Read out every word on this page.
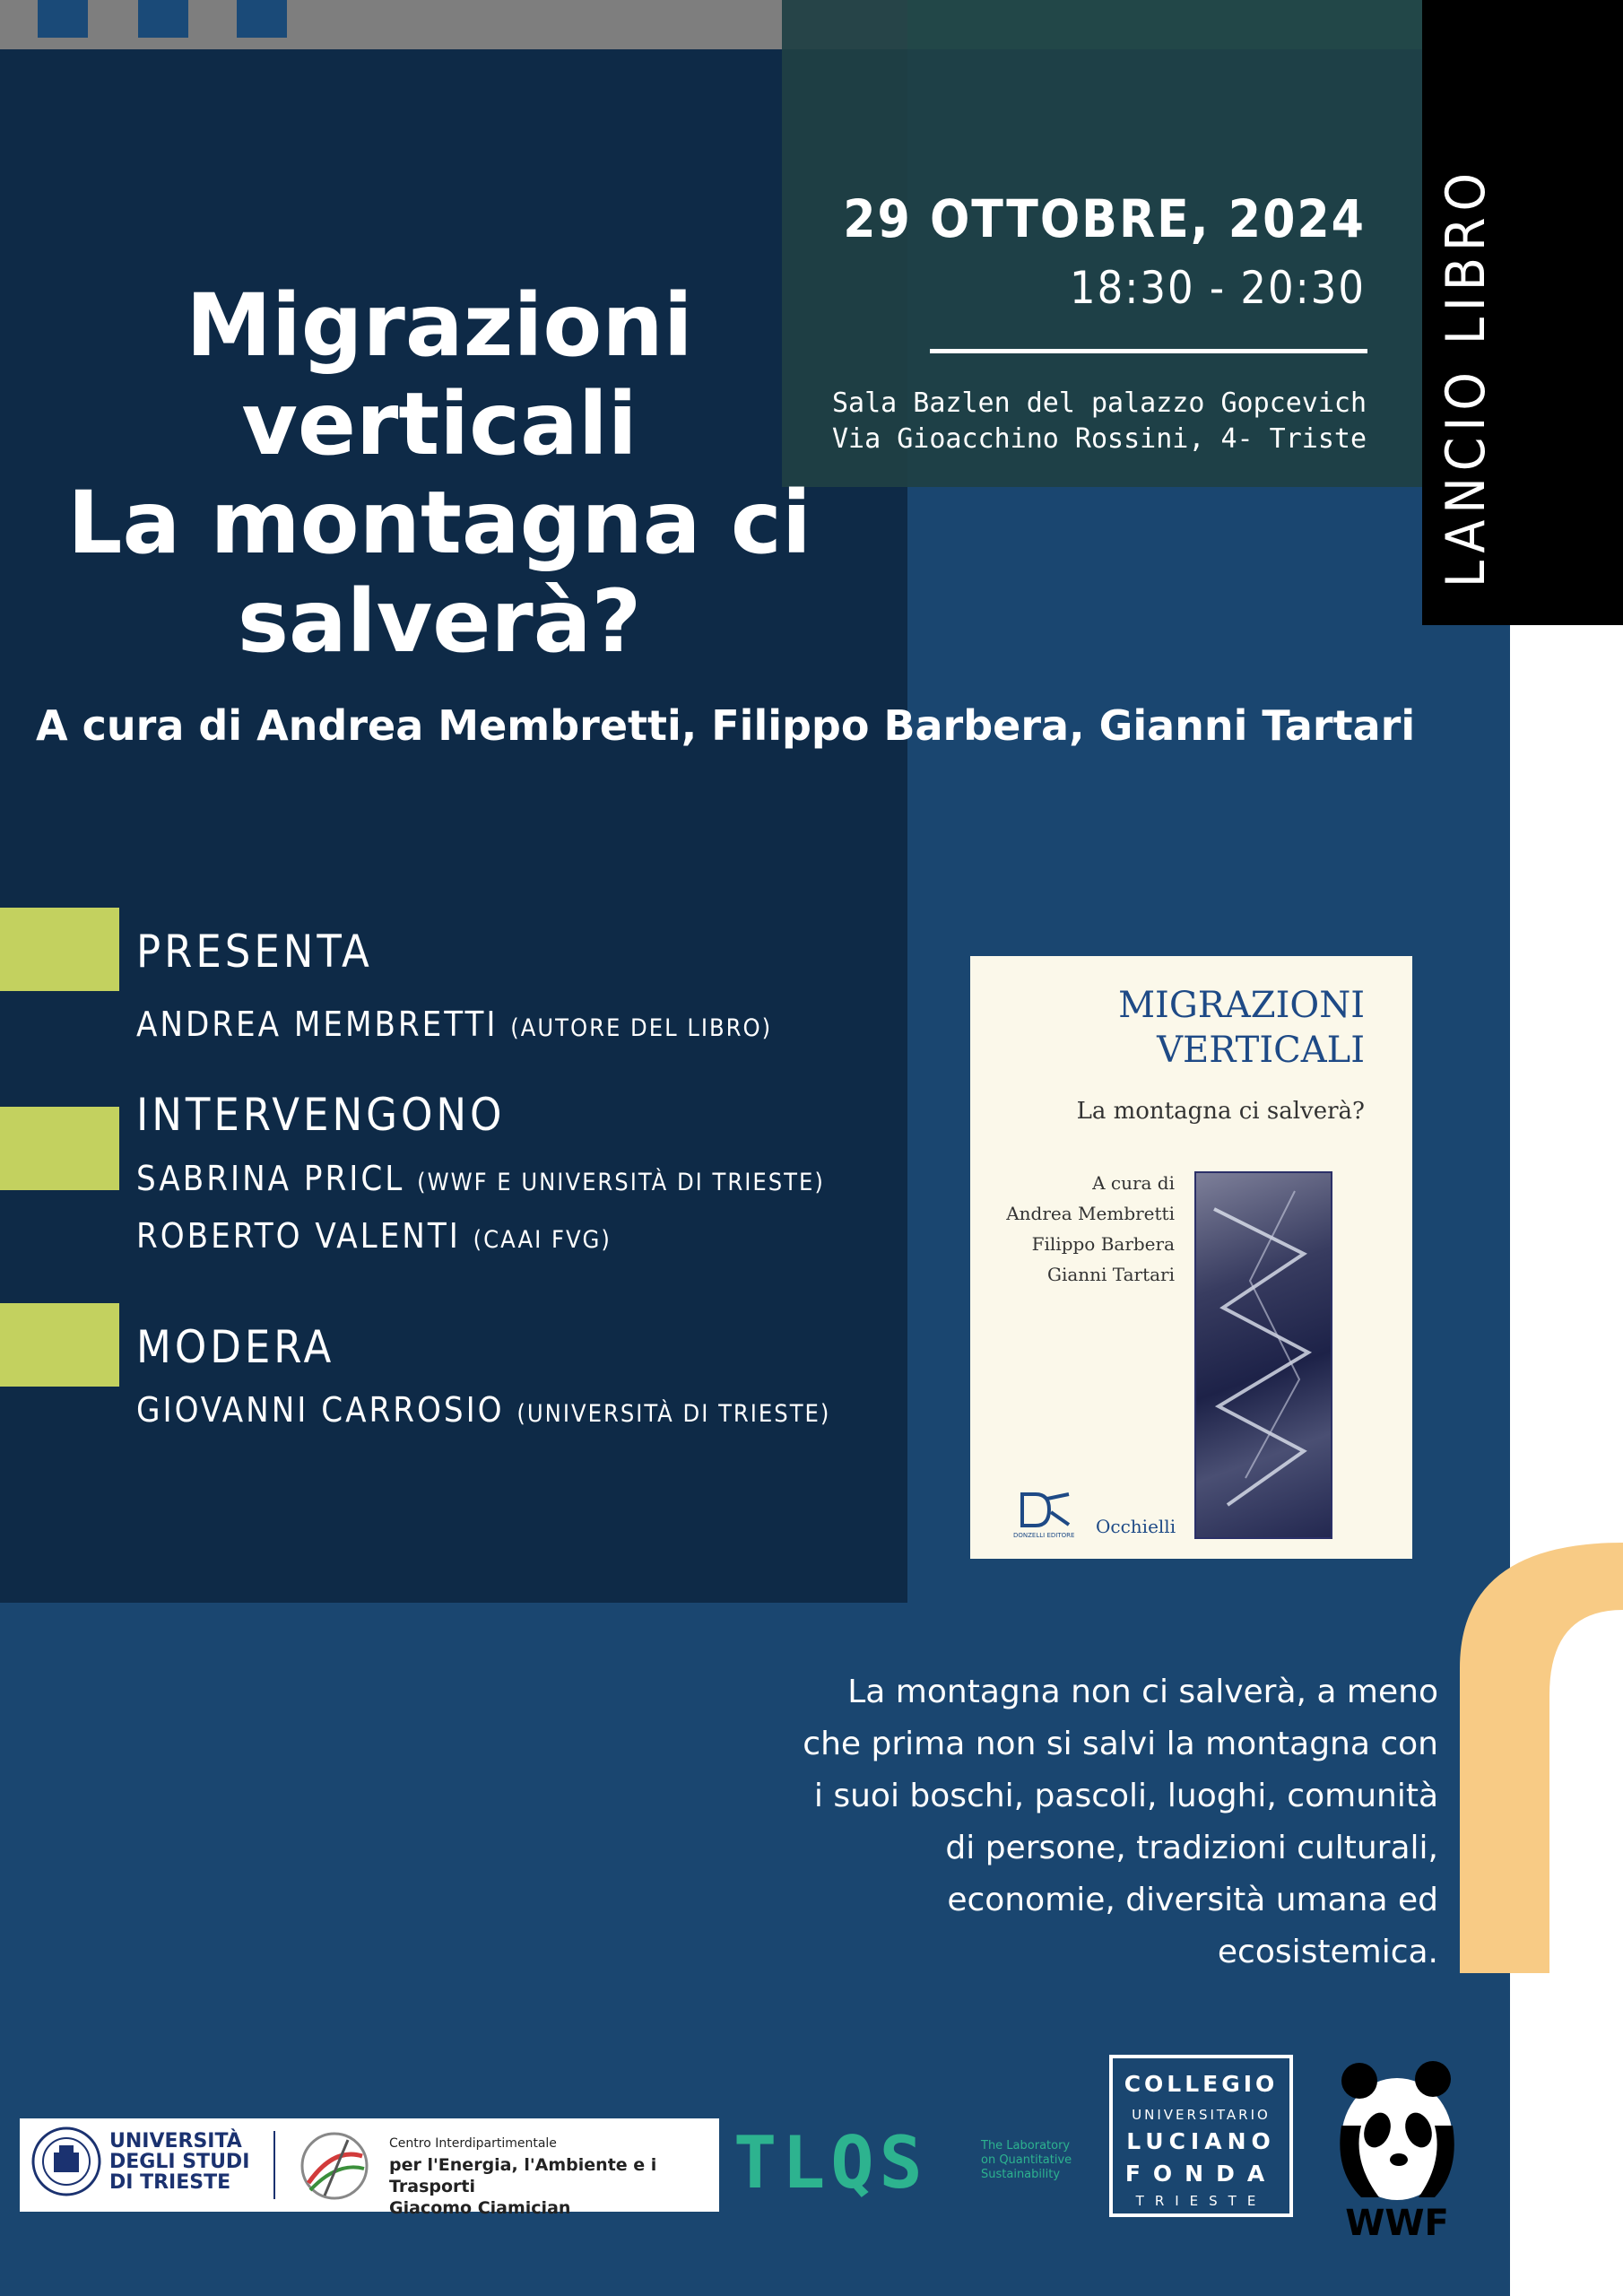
LANCIO LIBRO
29 OTTOBRE, 2024
18:30 - 20:30
Sala Bazlen del palazzo Gopcevich
Via Gioacchino Rossini, 4- Triste
Migrazioni
verticali
La montagna ci
salverà?
A cura di Andrea Membretti, Filippo Barbera, Gianni Tartari
PRESENTA
ANDREA MEMBRETTI (AUTORE DEL LIBRO)
INTERVENGONO
SABRINA PRICL (WWF E UNIVERSITÀ DI TRIESTE)
ROBERTO VALENTI (CAAI FVG)
MODERA
GIOVANNI CARROSIO (UNIVERSITÀ DI TRIESTE)
MIGRAZIONI
VERTICALI
La montagna ci salverà?
A cura di
Andrea Membretti
Filippo Barbera
Gianni Tartari
DONZELLI EDITORE Occhielli
La montagna non ci salverà, a meno che prima non si salvi la montagna con i suoi boschi, pascoli, luoghi, comunità di persone, tradizioni culturali, economie, diversità umana ed ecosistemica.
UNIVERSITÀ
DEGLI STUDI
DI TRIESTE
Centro Interdipartimentale
per l'Energia, l'Ambiente e i Trasporti
Giacomo Ciamician
TLQS	The Laboratory
on Quantitative
Sustainability
COLLEGIO
UNIVERSITARIO
LUCIANO
FONDA
TRIESTE
WWF
